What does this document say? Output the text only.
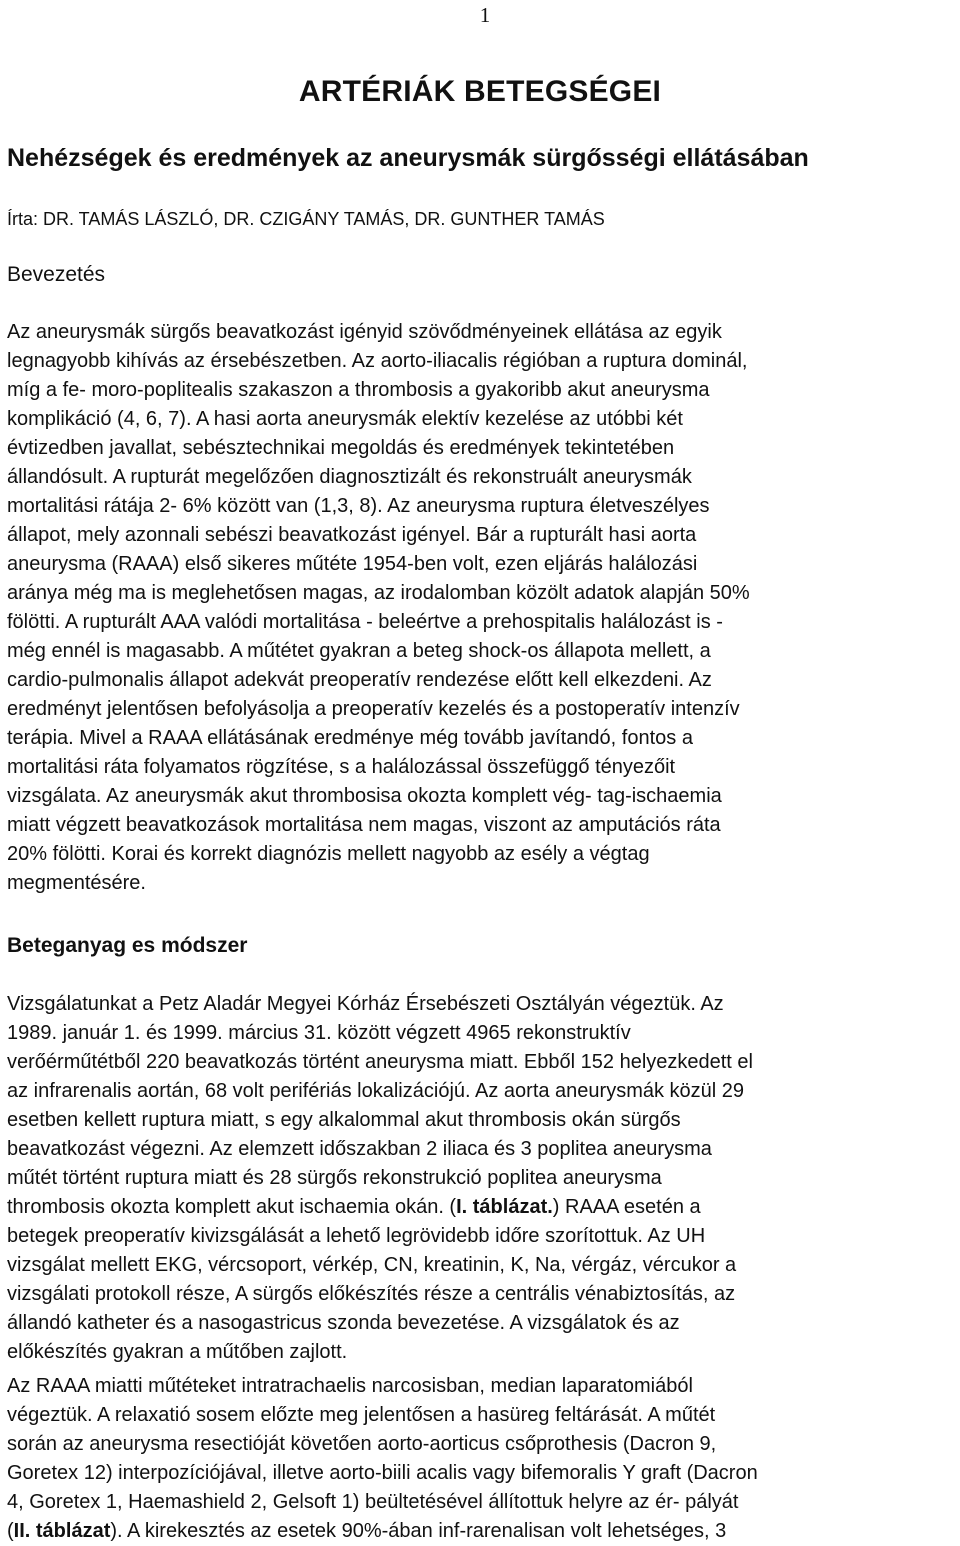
1
ARTÉRIÁK BETEGSÉGEI
Nehézségek és eredmények az aneurysmák sürgősségi ellátásában

Írta: DR. TAMÁS LÁSZLÓ, DR. CZIGÁNY TAMÁS, DR. GUNTHER TAMÁS

Bevezetés

Az aneurysmák sürgős beavatkozást igényid szövődményeinek ellátása az egyik
legnagyobb kihívás az érsebészetben. Az aorto-iliacalis régióban a ruptura dominál,
míg a fe- moro-poplitealis szakaszon a thrombosis a gyakoribb akut aneurysma
komplikáció (4, 6, 7). A hasi aorta aneurysmák elektív kezelése az utóbbi két
évtizedben javallat, sebésztechnikai megoldás és eredmények tekintetében
állandósult. A rupturát megelőzően diagnosztizált és rekonstruált aneurysmák
mortalitási rátája 2- 6% között van (1,3, 8). Az aneurysma ruptura életveszélyes
állapot, mely azonnali sebészi beavatkozást igényel. Bár a rupturált hasi aorta
aneurysma (RAAA) első sikeres műtéte 1954-ben volt, ezen eljárás halálozási
aránya még ma is meglehetősen magas, az irodalomban közölt adatok alapján 50%
fölötti. A rupturált AAA valódi mortalitása - beleértve a prehospitalis halálozást is -
még ennél is magasabb. A műtétet gyakran a beteg shock-os állapota mellett, a
cardio-pulmonalis állapot adekvát preoperatív rendezése előtt kell elkezdeni. Az
eredményt jelentősen befolyásolja a preoperatív kezelés és a postoperatív intenzív
terápia. Mivel a RAAA ellátásának eredménye még tovább javítandó, fontos a
mortalitási ráta folyamatos rögzítése, s a halálozással összefüggő tényezőit
vizsgálata. Az aneurysmák akut thrombosisa okozta komplett vég- tag-ischaemia
miatt végzett beavatkozások mortalitása nem magas, viszont az amputációs ráta
20% fölötti. Korai és korrekt diagnózis mellett nagyobb az esély a végtag
megmentésére.

Beteganyag es módszer

Vizsgálatunkat a Petz Aladár Megyei Kórház Érsebészeti Osztályán végeztük. Az
1989. január 1. és 1999. március 31. között végzett 4965 rekonstruktív
verőérműtétből 220 beavatkozás történt aneurysma miatt. Ebből 152 helyezkedett el
az infrarenalis aortán, 68 volt perifériás lokalizációjú. Az aorta aneurysmák közül 29
esetben kellett ruptura miatt, s egy alkalommal akut thrombosis okán sürgős
beavatkozást végezni. Az elemzett időszakban 2 iliaca és 3 poplitea aneurysma
műtét történt ruptura miatt és 28 sürgős rekonstrukció poplitea aneurysma
thrombosis okozta komplett akut ischaemia okán. (I. táblázat.) RAAA esetén a
betegek preoperatív kivizsgálását a lehető legrövidebb időre szorítottuk. Az UH
vizsgálat mellett EKG, vércsoport, vérkép, CN, kreatinin, K, Na, vérgáz, vércukor a
vizsgálati protokoll része, A sürgős előkészítés része a centrális vénabiztosítás, az
állandó katheter és a nasogastricus szonda bevezetése. A vizsgálatok és az
előkészítés gyakran a műtőben zajlott.

Az RAAA miatti műtéteket intratrachaelis narcosisban, median laparatomiából
végeztük. A relaxatió sosem előzte meg jelentősen a hasüreg feltárását. A műtét
során az aneurysma resectióját követően aorto-aorticus csőprothesis (Dacron 9,
Goretex 12) interpozíciójával, illetve aorto-biili acalis vagy bifemoralis Y graft (Dacron
4, Goretex 1, Haemashield 2, Gelsoft 1) beültetésével állítottuk helyre az ér- pályát
(II. táblázat). A kirekesztés az esetek 90%-ában inf-rarenalisan volt lehetséges, 3
